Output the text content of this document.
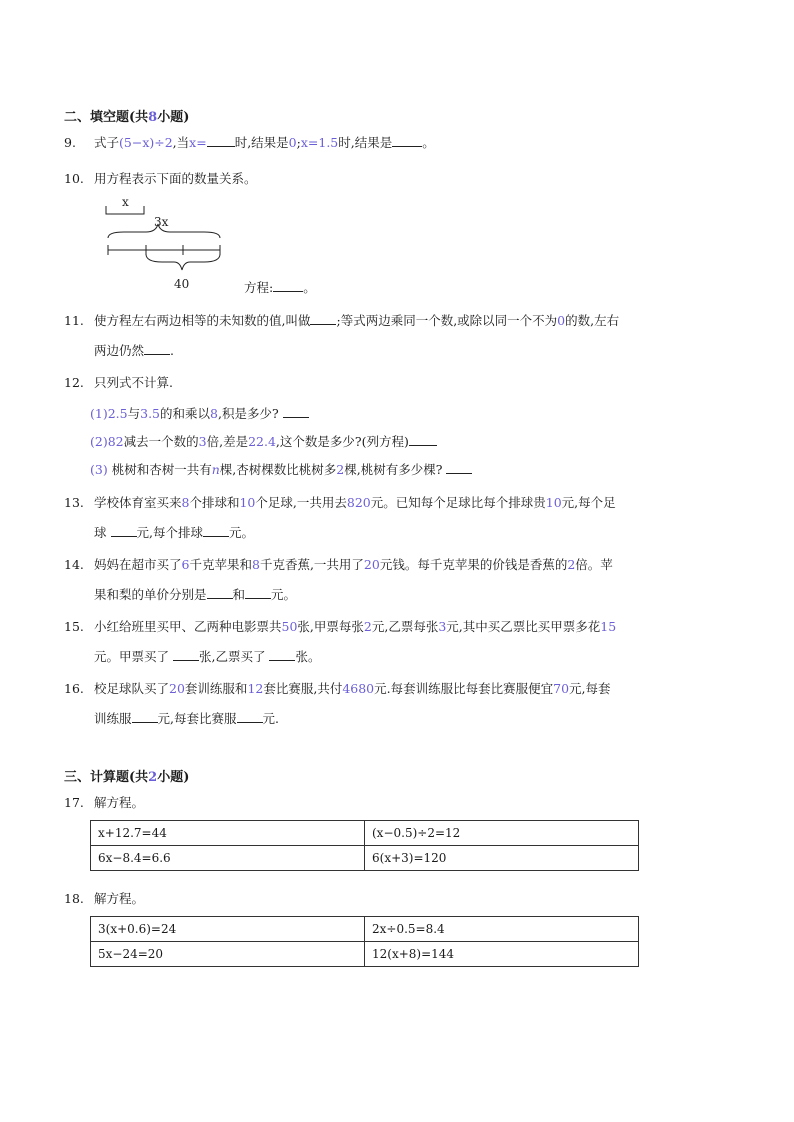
二、填空题(共8小题)
9. 式子(5−x)÷2,当x= 时,结果是0;x=1.5时,结果是 。
10. 用方程表示下面的数量关系。
x
3x
40	方程: 。
11. 使方程左右两边相等的未知数的值,叫做 ;等式两边乘同一个数,或除以同一个不为0的数,左右
两边仍然 .
12. 只列式不计算.
(1)2.5与3.5的和乘以8,积是多少?
(2)82减去一个数的3倍,差是22.4,这个数是多少?(列方程)
(3) 桃树和杏树一共有n棵,杏树棵数比桃树多2棵,桃树有多少棵?
13. 学校体育室买来8个排球和10个足球,一共用去820元。已知每个足球比每个排球贵10元,每个足
球 元,每个排球 元。
14. 妈妈在超市买了6千克苹果和8千克香蕉,一共用了20元钱。每千克苹果的价钱是香蕉的2倍。苹
果和梨的单价分别是 和 元。
15. 小红给班里买甲、乙两种电影票共50张,甲票每张2元,乙票每张3元,其中买乙票比买甲票多花15
元。甲票买了 张,乙票买了 张。
16. 校足球队买了20套训练服和12套比赛服,共付4680元.每套训练服比每套比赛服便宜70元,每套
训练服 元,每套比赛服 元.
三、计算题(共2小题)
17. 解方程。
x+12.7=44	(x−0.5)÷2=12
6x−8.4=6.6	6(x+3)=120
18. 解方程。
3(x+0.6)=24	2x÷0.5=8.4
5x−24=20	12(x+8)=144
